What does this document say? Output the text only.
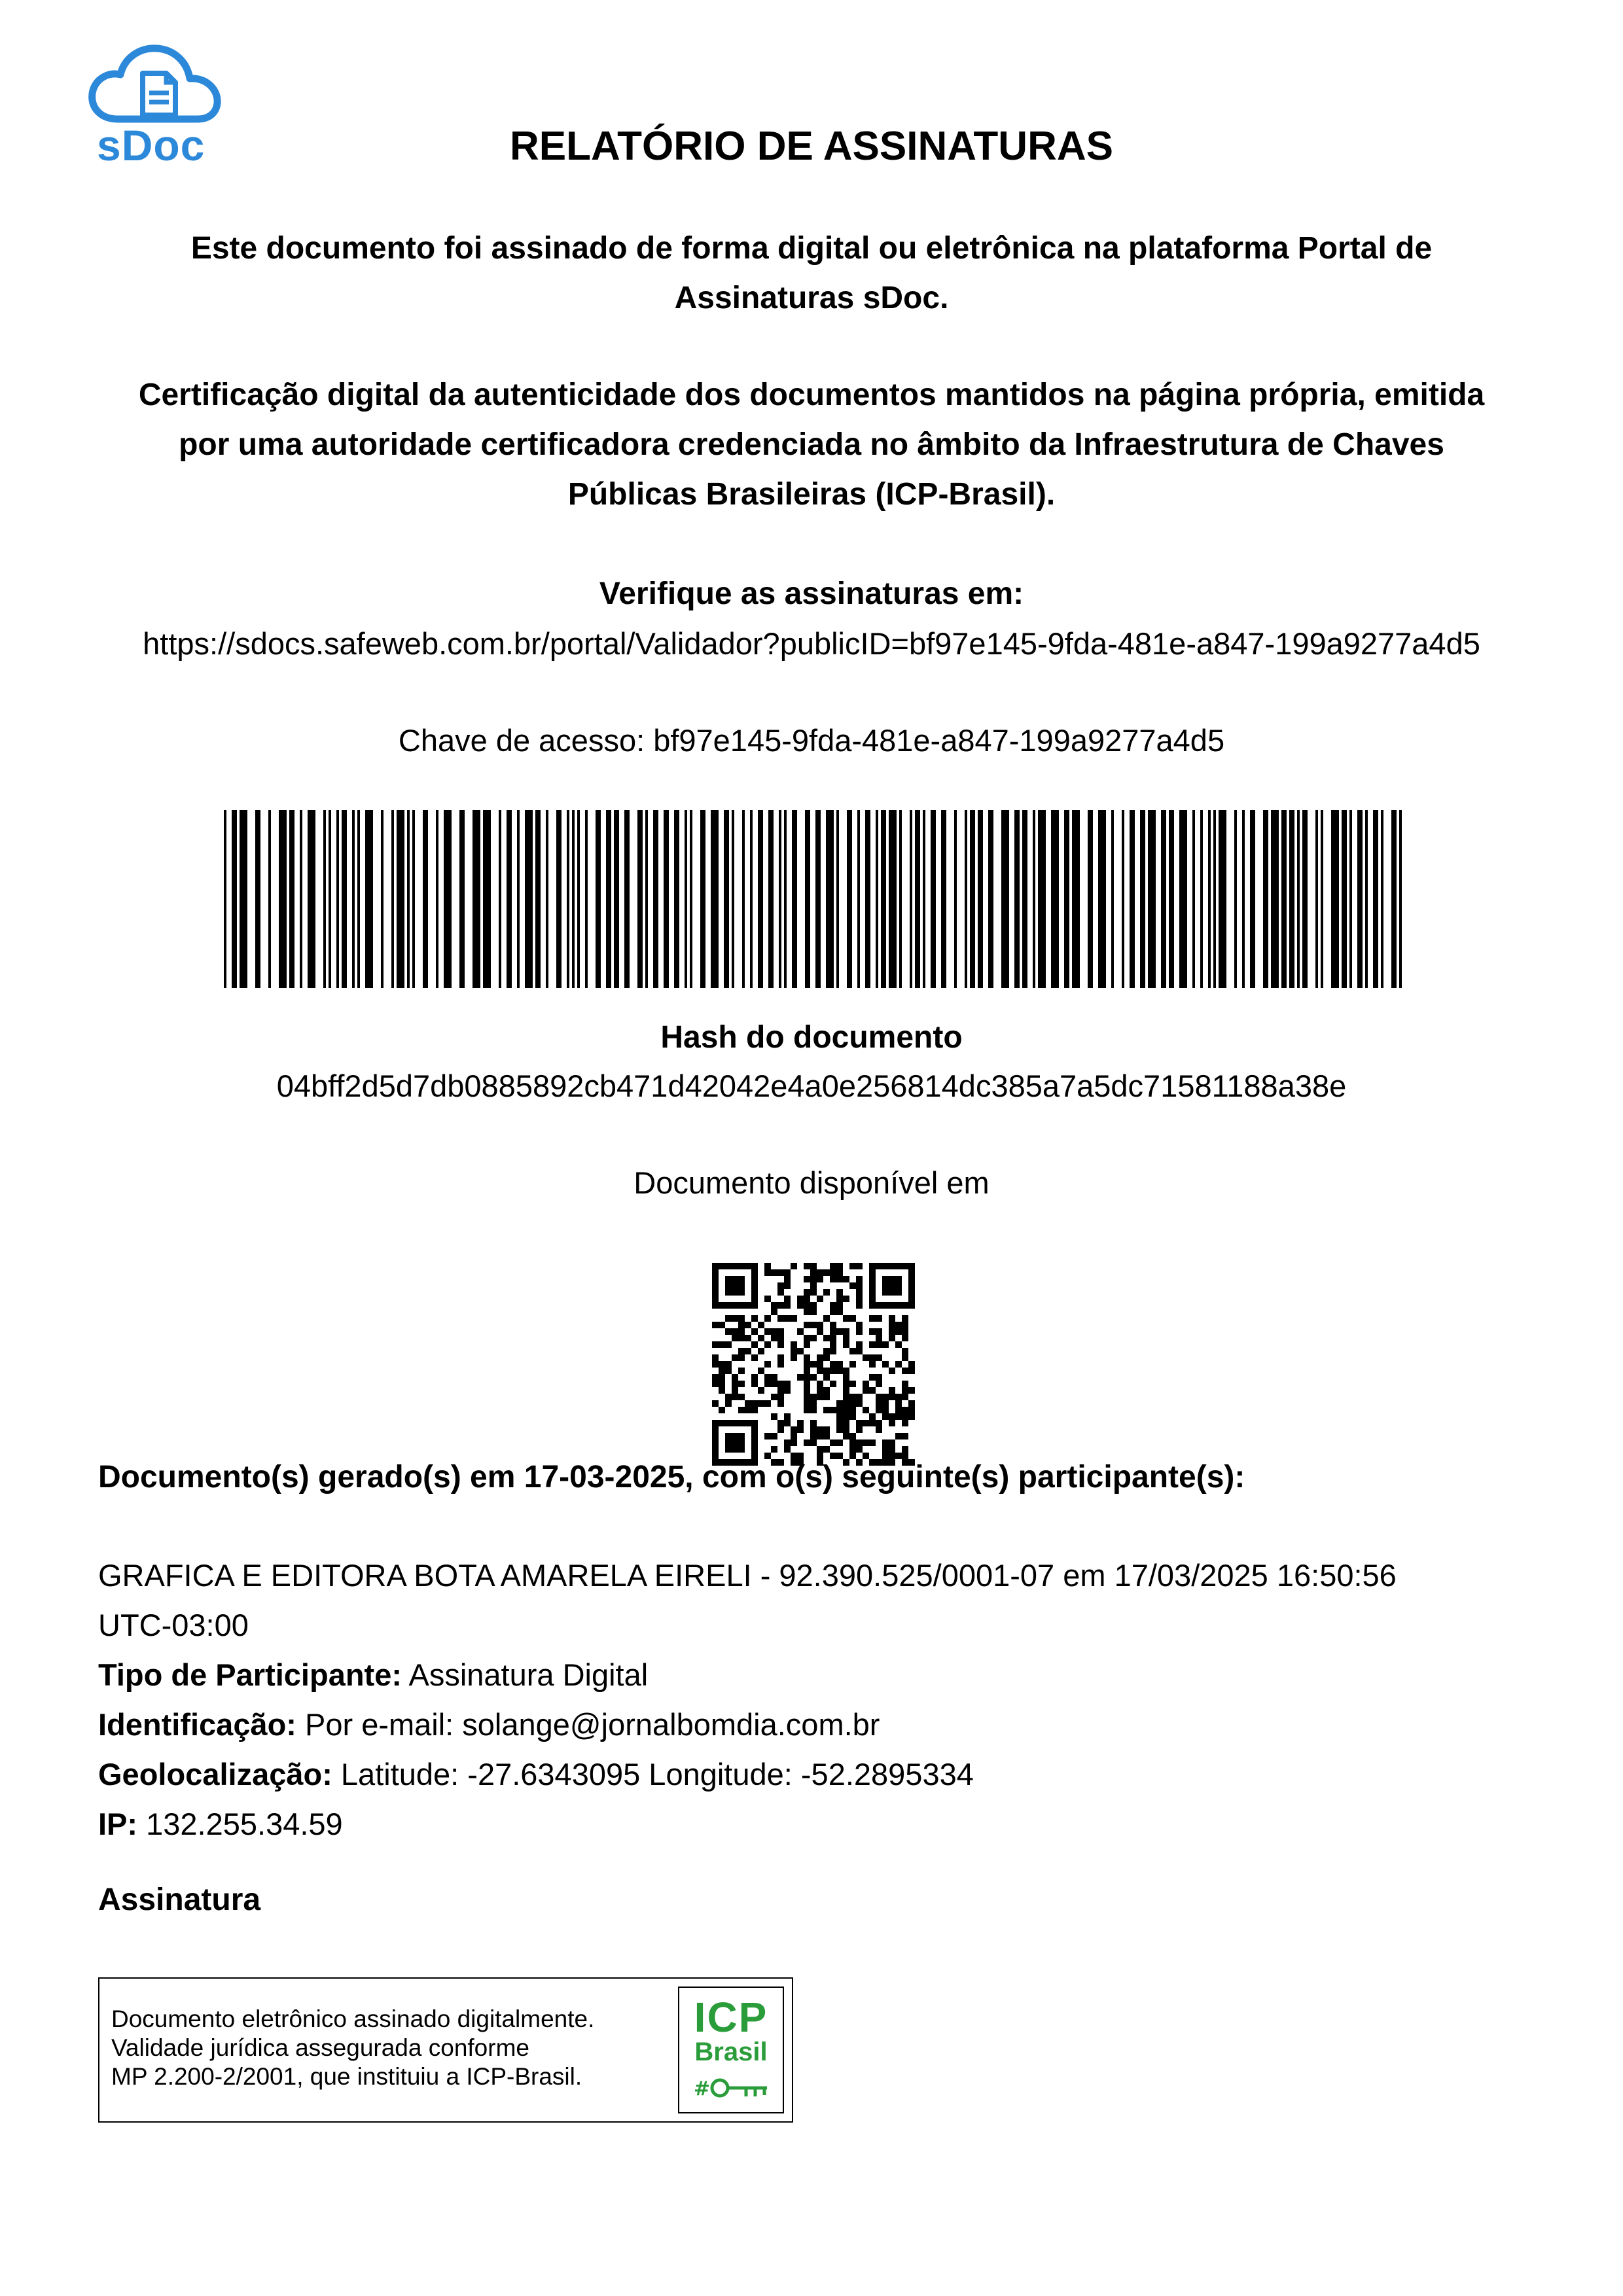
sDoc	RELATÓRIO DE ASSINATURAS
Este documento foi assinado de forma digital ou eletrônica na plataforma Portal de
Assinaturas sDoc.
Certificação digital da autenticidade dos documentos mantidos na página própria, emitida
por uma autoridade certificadora credenciada no âmbito da Infraestrutura de Chaves
Públicas Brasileiras (ICP-Brasil).
Verifique as assinaturas em:
https://sdocs.safeweb.com.br/portal/Validador?publicID=bf97e145-9fda-481e-a847-199a9277a4d5
Chave de acesso: bf97e145-9fda-481e-a847-199a9277a4d5
Hash do documento
04bff2d5d7db0885892cb471d42042e4a0e256814dc385a7a5dc71581188a38e
Documento disponível em
Documento(s) gerado(s) em 17-03-2025, com o(s) seguinte(s) participante(s):
GRAFICA E EDITORA BOTA AMARELA EIRELI - 92.390.525/0001-07 em 17/03/2025 16:50:56
UTC-03:00
Tipo de Participante: Assinatura Digital
Identificação: Por e-mail: solange@jornalbomdia.com.br
Geolocalização: Latitude: -27.6343095 Longitude: -52.2895334
IP: 132.255.34.59
Assinatura
Documento eletrônico assinado digitalmente.
Validade jurídica assegurada conforme
MP 2.200-2/2001, que instituiu a ICP-Brasil.
ICP
Brasil
#
